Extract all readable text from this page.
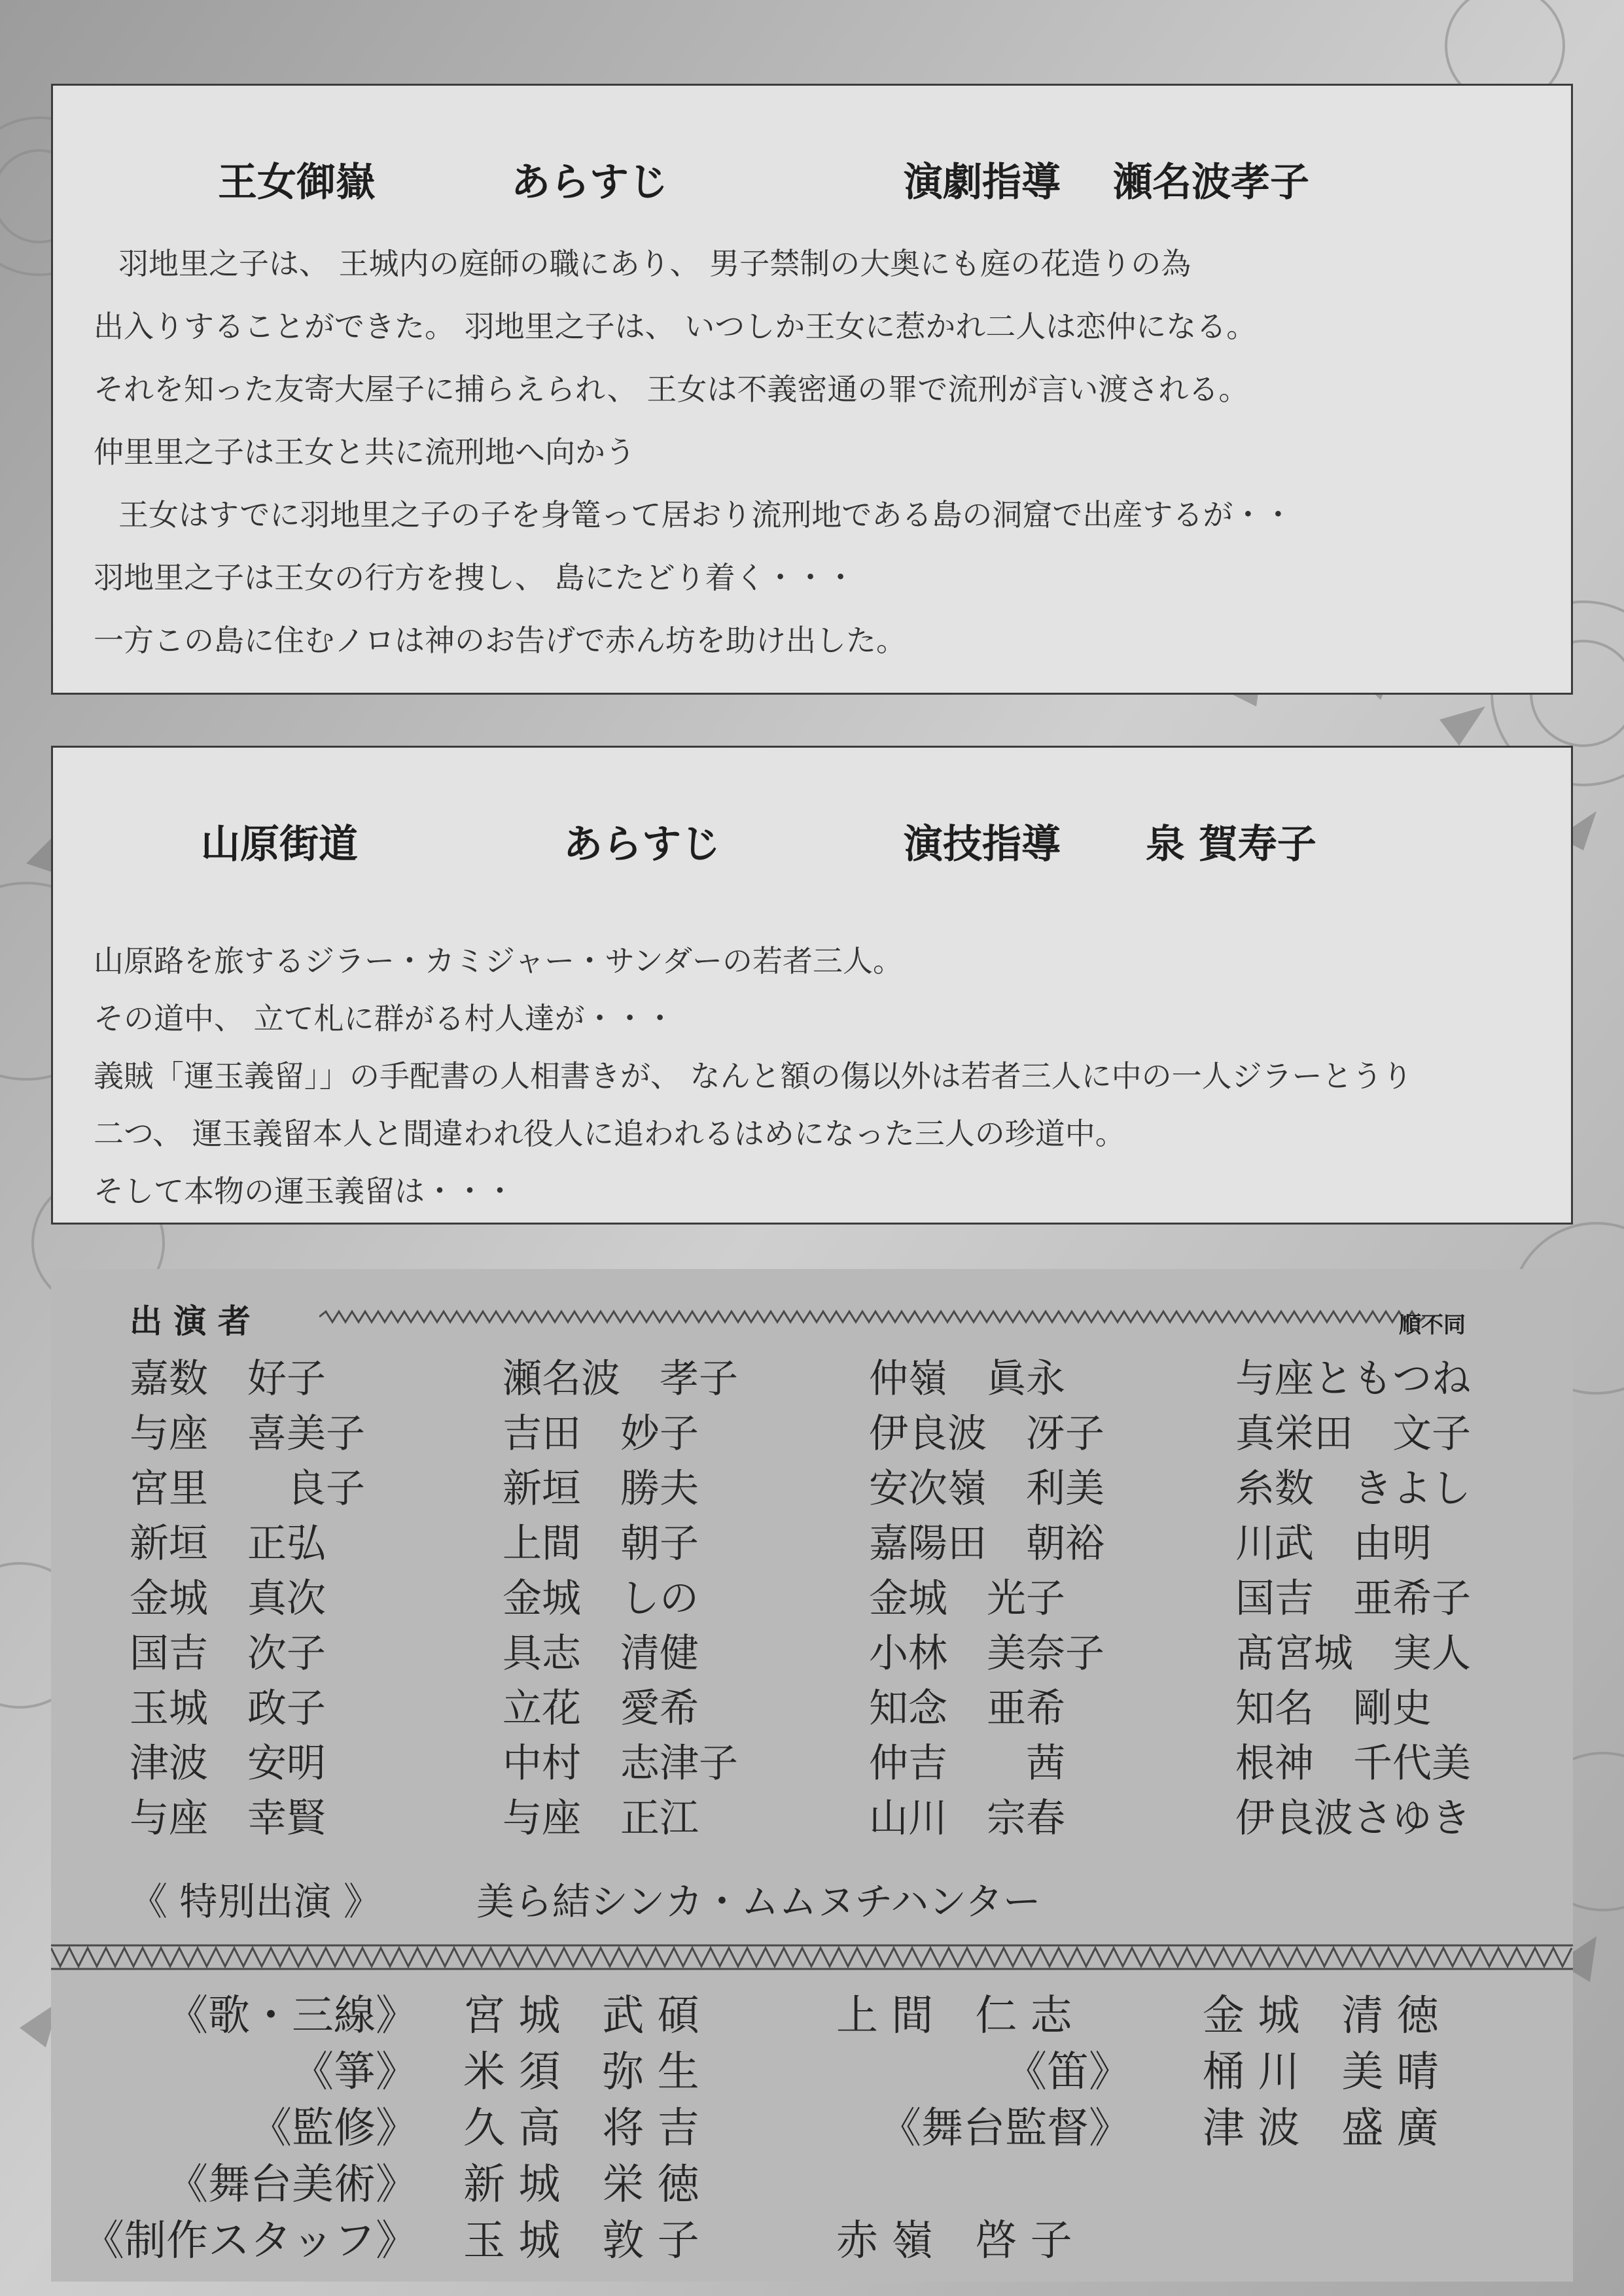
王女御嶽	あらすじ	演劇指導 瀬名波孝子
羽地里之子は、 王城内の庭師の職にあり、 男子禁制の大奥にも庭の花造りの為
出入りすることができた。 羽地里之子は、 いつしか王女に惹かれ二人は恋仲になる。
それを知った友寄大屋子に捕らえられ、 王女は不義密通の罪で流刑が言い渡される。
仲里里之子は王女と共に流刑地へ向かう
王女はすでに羽地里之子の子を身篭って居おり流刑地である島の洞窟で出産するが・・
羽地里之子は王女の行方を捜し、 島にたどり着く・・・
一方この島に住むノロは神のお告げで赤ん坊を助け出した。
山原街道	あらすじ	演技指導 泉 賀寿子
山原路を旅するジラー・カミジャー・サンダーの若者三人。
その道中、 立て札に群がる村人達が・・・
義賊「運玉義留」」の手配書の人相書きが、 なんと額の傷以外は若者三人に中の一人ジラーとうり
二つ、 運玉義留本人と間違われ役人に追われるはめになった三人の珍道中。
そして本物の運玉義留は・・・
出 演 者	順不同
嘉数　好子	瀬名波　孝子	仲嶺　眞永	与座ともつね
与座　喜美子	吉田　妙子	伊良波　冴子	真栄田　文子
宮里　　良子	新垣　勝夫	安次嶺　利美	糸数　きよし
新垣　正弘	上間　朝子	嘉陽田　朝裕	川武　由明
金城　真次	金城　しの	金城　光子	国吉　亜希子
国吉　次子	具志　清健	小林　美奈子	髙宮城　実人
玉城　政子	立花　愛希	知念　亜希	知名　剛史
津波　安明	中村　志津子	仲吉　　茜	根神　千代美
与座　幸賢	与座　正江	山川　宗春	伊良波さゆき
《 特別出演 》	美ら結シンカ・ムムヌチハンター
《歌・三線》 宮 城　武 碩	上 間　仁 志	金 城　清 徳
《箏》 米 須　弥 生	《笛》 桶 川　美 晴
《監修》 久 高　将 吉	《舞台監督》 津 波　盛 廣
《舞台美術》 新 城　栄 徳
《制作スタッフ》 玉 城　敦 子	赤 嶺　啓 子
